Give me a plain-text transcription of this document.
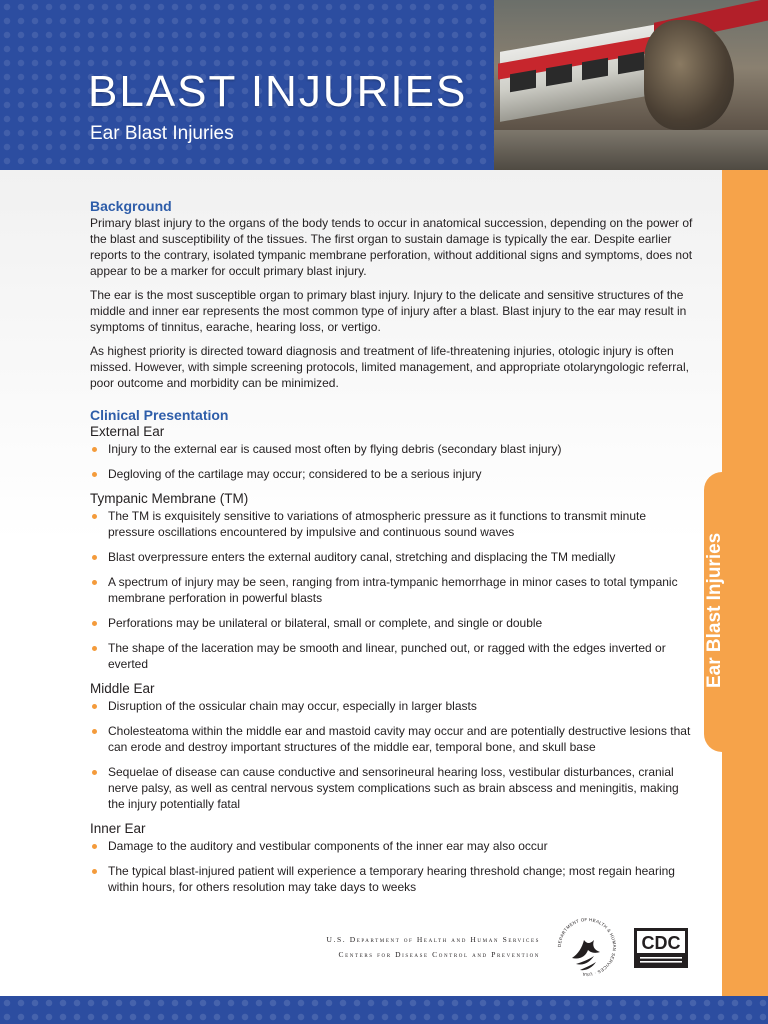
BLAST INJURIES
Ear Blast Injuries
Ear Blast Injuries
Background

Primary blast injury to the organs of the body tends to occur in anatomical succession, depending on the power of the blast and susceptibility of the tissues. The first organ to sustain damage is typically the ear. Despite earlier reports to the contrary, isolated tympanic membrane perforation, without additional signs and symptoms, does not appear to be a marker for occult primary blast injury.

The ear is the most susceptible organ to primary blast injury. Injury to the delicate and sensitive structures of the middle and inner ear represents the most common type of injury after a blast. Blast injury to the ear may result in symptoms of tinnitus, earache, hearing loss, or vertigo.

As highest priority is directed toward diagnosis and treatment of life-threatening injuries, otologic injury is often missed. However, with simple screening protocols, limited management, and appropriate otolaryngologic referral, poor outcome and morbidity can be minimized.

Clinical Presentation
External Ear
Injury to the external ear is caused most often by flying debris (secondary blast injury)
Degloving of the cartilage may occur; considered to be a serious injury
Tympanic Membrane (TM)
The TM is exquisitely sensitive to variations of atmospheric pressure as it functions to transmit minute pressure oscillations encountered by impulsive and continuous sound waves
Blast overpressure enters the external auditory canal, stretching and displacing the TM medially
A spectrum of injury may be seen, ranging from intra-tympanic hemorrhage in minor cases to total tympanic membrane perforation in powerful blasts
Perforations may be unilateral or bilateral, small or complete, and single or double
The shape of the laceration may be smooth and linear, punched out, or ragged with the edges inverted or everted
Middle Ear
Disruption of the ossicular chain may occur, especially in larger blasts
Cholesteatoma within the middle ear and mastoid cavity may occur and are potentially destructive lesions that can erode and destroy important structures of the middle ear, temporal bone, and skull base
Sequelae of disease can cause conductive and sensorineural hearing loss, vestibular disturbances, cranial nerve palsy, as well as central nervous system complications such as brain abscess and meningitis, making the injury potentially fatal
Inner Ear
Damage to the auditory and vestibular components of the inner ear may also occur
The typical blast-injured patient will experience a temporary hearing threshold change; most regain hearing within hours, for others resolution may take days to weeks
U.S. Department of Health and Human Services
Centers for Disease Control and Prevention
DEPARTMENT OF HEALTH & HUMAN SERVICES · USA
CDC
